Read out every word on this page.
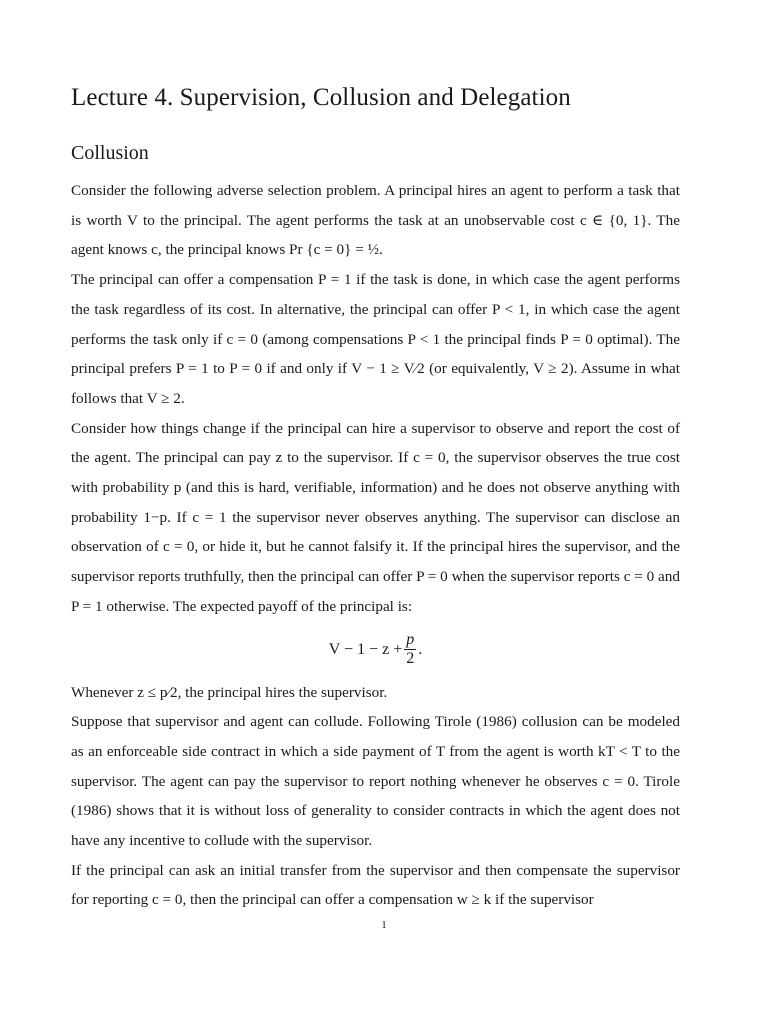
Lecture 4. Supervision, Collusion and Delegation
Collusion

Consider the following adverse selection problem. A principal hires an agent to perform a task that is worth V to the principal. The agent performs the task at an unobservable cost c ∈ {0, 1}. The agent knows c, the principal knows Pr {c = 0} = ½.

The principal can offer a compensation P = 1 if the task is done, in which case the agent performs the task regardless of its cost. In alternative, the principal can offer P < 1, in which case the agent performs the task only if c = 0 (among compensations P < 1 the principal finds P = 0 optimal). The principal prefers P = 1 to P = 0 if and only if V − 1 ≥ V⁄2 (or equivalently, V ≥ 2). Assume in what follows that V ≥ 2.

Consider how things change if the principal can hire a supervisor to observe and report the cost of the agent. The principal can pay z to the supervisor. If c = 0, the supervisor observes the true cost with probability p (and this is hard, verifiable, information) and he does not observe anything with probability 1−p. If c = 1 the supervisor never observes anything. The supervisor can disclose an observation of c = 0, or hide it, but he cannot falsify it. If the principal hires the supervisor, and the supervisor reports truthfully, then the principal can offer P = 0 when the supervisor reports c = 0 and P = 1 otherwise. The expected payoff of the principal is:

$V - 1 - z + \frac{p}{2}$ .

Whenever z ≤ p⁄2, the principal hires the supervisor.

Suppose that supervisor and agent can collude. Following Tirole (1986) collusion can be modeled as an enforceable side contract in which a side payment of T from the agent is worth kT < T to the supervisor. The agent can pay the supervisor to report nothing whenever he observes c = 0. Tirole (1986) shows that it is without loss of generality to consider contracts in which the agent does not have any incentive to collude with the supervisor.

If the principal can ask an initial transfer from the supervisor and then compensate the supervisor for reporting c = 0, then the principal can offer a compensation w ≥ k if the supervisor

1
